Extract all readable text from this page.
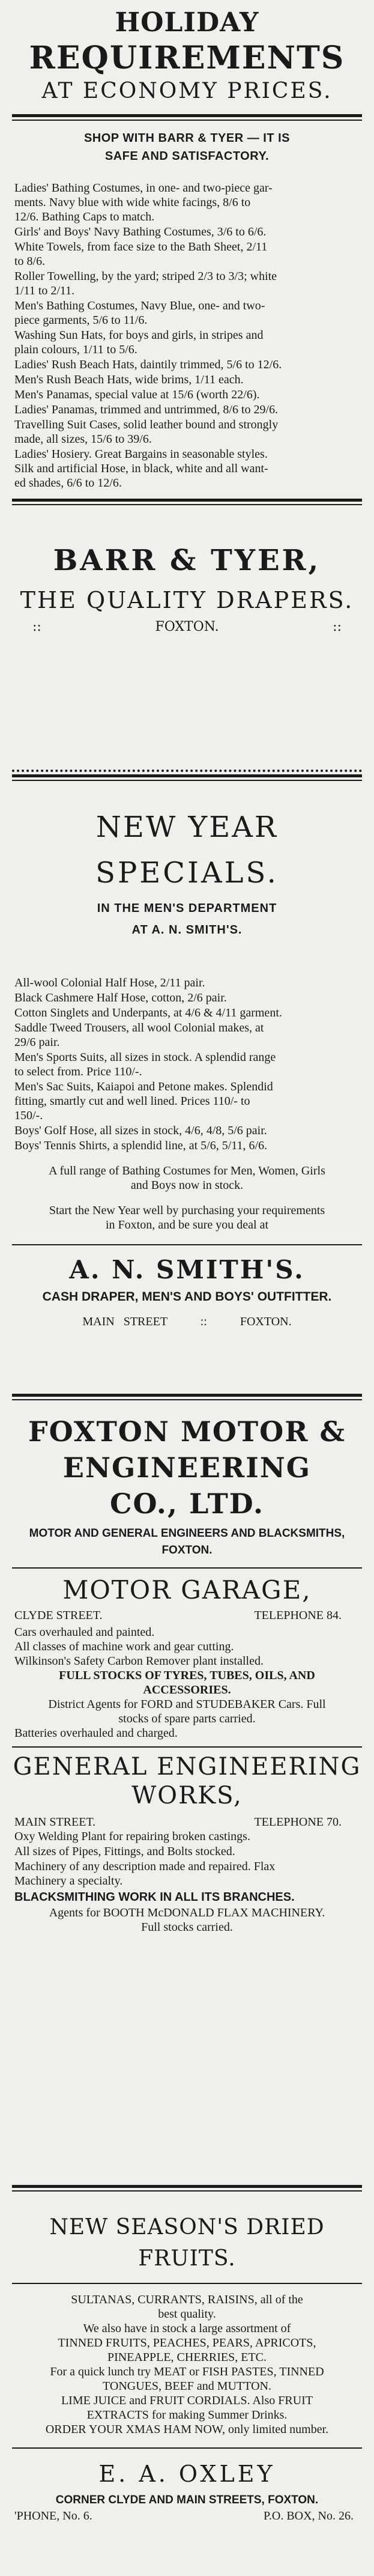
HOLIDAY
REQUIREMENTS
AT ECONOMY PRICES.
SHOP WITH BARR & TYER — IT IS
SAFE AND SATISFACTORY.
Ladies' Bathing Costumes, in one- and two-piece gar-
ments. Navy blue with wide white facings, 8/6 to
12/6. Bathing Caps to match.
Girls' and Boys' Navy Bathing Costumes, 3/6 to 6/6.
White Towels, from face size to the Bath Sheet, 2/11
to 8/6.
Roller Towelling, by the yard; striped 2/3 to 3/3; white
1/11 to 2/11.
Men's Bathing Costumes, Navy Blue, one- and two-
piece garments, 5/6 to 11/6.
Washing Sun Hats, for boys and girls, in stripes and
plain colours, 1/11 to 5/6.
Ladies' Rush Beach Hats, daintily trimmed, 5/6 to 12/6.
Men's Rush Beach Hats, wide brims, 1/11 each.
Men's Panamas, special value at 15/6 (worth 22/6).
Ladies' Panamas, trimmed and untrimmed, 8/6 to 29/6.
Travelling Suit Cases, solid leather bound and strongly
made, all sizes, 15/6 to 39/6.
Ladies' Hosiery. Great Bargains in seasonable styles.
Silk and artificial Hose, in black, white and all want-
ed shades, 6/6 to 12/6.
BARR & TYER,
THE QUALITY DRAPERS.
::	FOXTON.	::
NEW YEAR
SPECIALS.
IN THE MEN'S DEPARTMENT
AT A. N. SMITH'S.
All-wool Colonial Half Hose, 2/11 pair.
Black Cashmere Half Hose, cotton, 2/6 pair.
Cotton Singlets and Underpants, at 4/6 & 4/11 garment.
Saddle Tweed Trousers, all wool Colonial makes, at
29/6 pair.
Men's Sports Suits, all sizes in stock. A splendid range
to select from. Price 110/-.
Men's Sac Suits, Kaiapoi and Petone makes. Splendid
fitting, smartly cut and well lined. Prices 110/- to
150/-.
Boys' Golf Hose, all sizes in stock, 4/6, 4/8, 5/6 pair.
Boys' Tennis Shirts, a splendid line, at 5/6, 5/11, 6/6.
A full range of Bathing Costumes for Men, Women, Girls
and Boys now in stock.
Start the New Year well by purchasing your requirements
in Foxton, and be sure you deal at
A. N. SMITH'S.
CASH DRAPER, MEN'S AND BOYS' OUTFITTER.
MAIN STREET	::	FOXTON.
FOXTON MOTOR &
ENGINEERING
CO., LTD.
MOTOR AND GENERAL ENGINEERS AND BLACKSMITHS,
FOXTON.
MOTOR GARAGE,
CLYDE STREET.	TELEPHONE 84.
Cars overhauled and painted.
All classes of machine work and gear cutting.
Wilkinson's Safety Carbon Remover plant installed.
FULL STOCKS OF TYRES, TUBES, OILS, AND
ACCESSORIES.
District Agents for FORD and STUDEBAKER Cars. Full
stocks of spare parts carried.
Batteries overhauled and charged.
GENERAL ENGINEERING
WORKS,
MAIN STREET.	TELEPHONE 70.
Oxy Welding Plant for repairing broken castings.
All sizes of Pipes, Fittings, and Bolts stocked.
Machinery of any description made and repaired. Flax
Machinery a specialty.
BLACKSMITHING WORK IN ALL ITS BRANCHES.
Agents for BOOTH McDONALD FLAX MACHINERY.
Full stocks carried.
NEW SEASON'S DRIED FRUITS.
SULTANAS, CURRANTS, RAISINS, all of the
best quality.
We also have in stock a large assortment of
TINNED FRUITS, PEACHES, PEARS, APRICOTS,
PINEAPPLE, CHERRIES, ETC.
For a quick lunch try MEAT or FISH PASTES, TINNED
TONGUES, BEEF and MUTTON.
LIME JUICE and FRUIT CORDIALS. Also FRUIT
EXTRACTS for making Summer Drinks.
ORDER YOUR XMAS HAM NOW, only limited number.
E. A. OXLEY
CORNER CLYDE AND MAIN STREETS, FOXTON.
'PHONE, No. 6.	P.O. BOX, No. 26.
